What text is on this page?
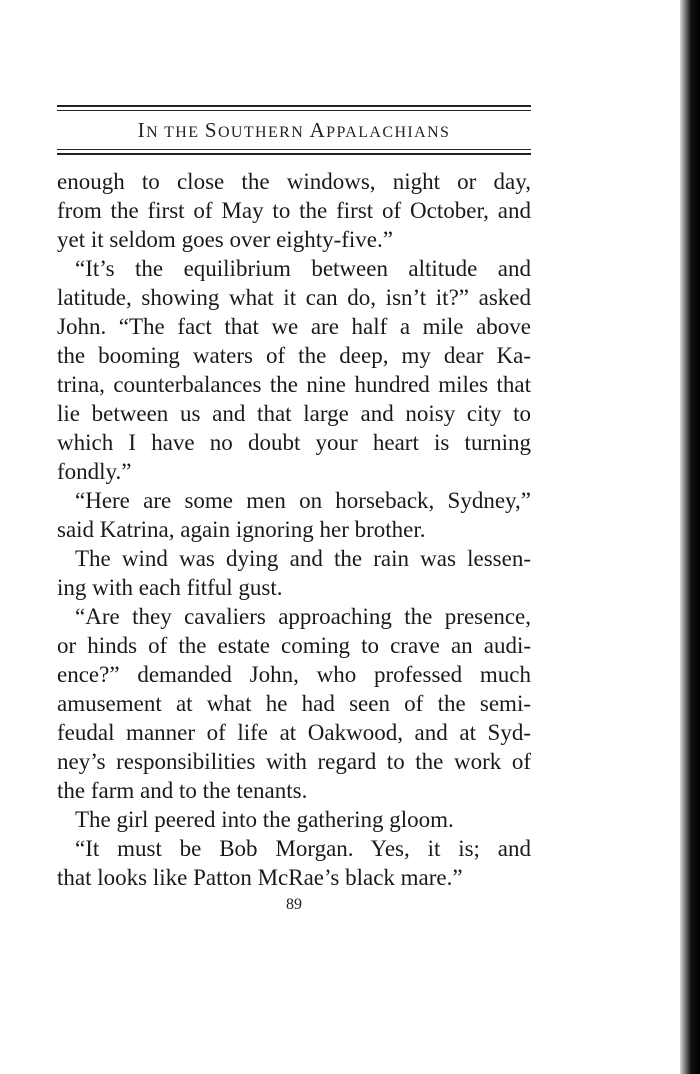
IN THE SOUTHERN APPALACHIANS
enough to close the windows, night or day,
from the first of May to the first of October, and
yet it seldom goes over eighty-five.”
“It’s the equilibrium between altitude and
latitude, showing what it can do, isn’t it?” asked
John. “The fact that we are half a mile above
the booming waters of the deep, my dear Ka-
trina, counterbalances the nine hundred miles that
lie between us and that large and noisy city to
which I have no doubt your heart is turning
fondly.”
“Here are some men on horseback, Sydney,”
said Katrina, again ignoring her brother.
The wind was dying and the rain was lessen-
ing with each fitful gust.
“Are they cavaliers approaching the presence,
or hinds of the estate coming to crave an audi-
ence?” demanded John, who professed much
amusement at what he had seen of the semi-
feudal manner of life at Oakwood, and at Syd-
ney’s responsibilities with regard to the work of
the farm and to the tenants.
The girl peered into the gathering gloom.
“It must be Bob Morgan. Yes, it is; and
that looks like Patton McRae’s black mare.”
89
